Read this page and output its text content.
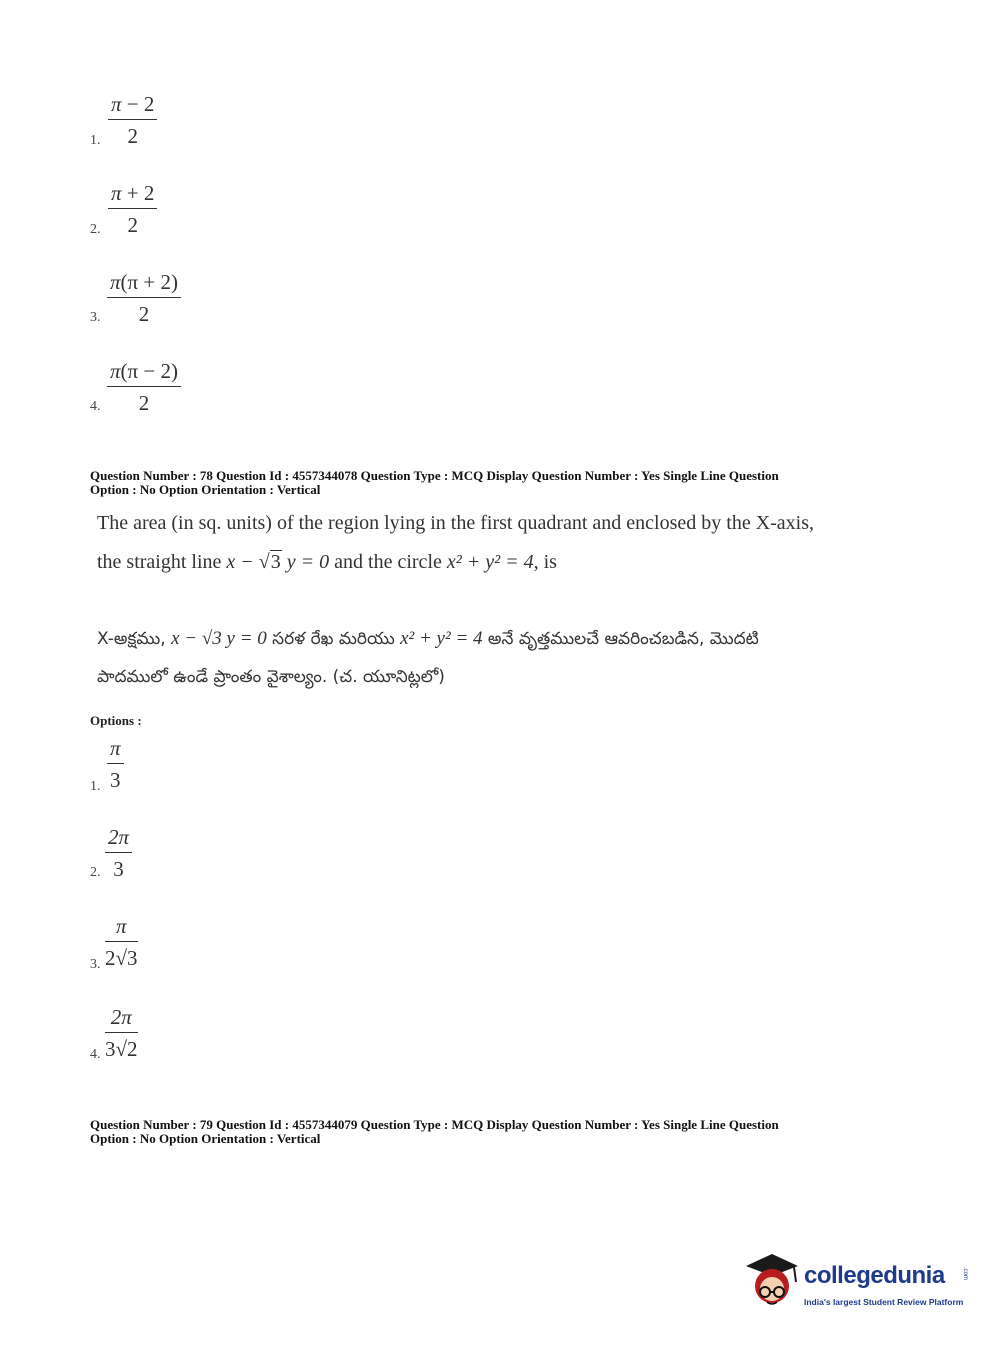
1. $\frac{\pi - 2}{2}$
2. $\frac{\pi + 2}{2}$
3. $\frac{\pi(\pi + 2)}{2}$
4. $\frac{\pi(\pi - 2)}{2}$
Question Number : 78 Question Id : 4557344078 Question Type : MCQ Display Question Number : Yes Single Line Question
Option : No Option Orientation : Vertical
The area (in sq. units) of the region lying in the first quadrant and enclosed by the X-axis,
the straight line x − √3 y = 0 and the circle x² + y² = 4, is
X-అక్షము, x − √3 y = 0 సరళ రేఖ మరియు x² + y² = 4 అనే వృత్తములచే ఆవరించబడిన, మొదటి
పాదములో ఉండే ప్రాంతం వైశాల్యం. (చ. యూనిట్లలో)
Options :
1. $\frac{\pi}{3}$
2. $\frac{2\pi}{3}$
3. $\frac{\pi}{2√3}$
4. $\frac{2\pi}{3√2}$
Question Number : 79 Question Id : 4557344079 Question Type : MCQ Display Question Number : Yes Single Line Question
Option : No Option Orientation : Vertical
collegedunia	.com
India's largest Student Review Platform
